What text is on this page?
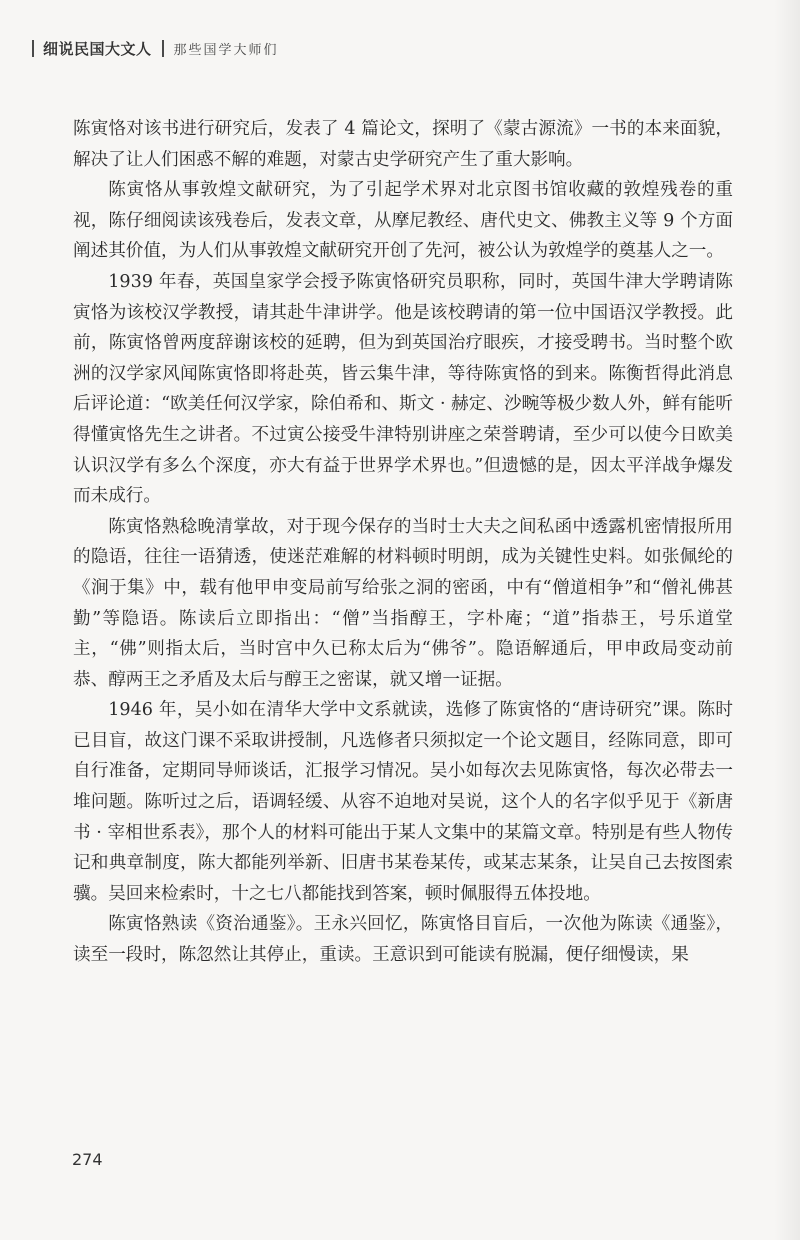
细说民国大文人 那些国学大师们

陈寅恪对该书进行研究后，发表了 4 篇论文，探明了《蒙古源流》一书的本来面貌，解决了让人们困惑不解的难题，对蒙古史学研究产生了重大影响。

陈寅恪从事敦煌文献研究，为了引起学术界对北京图书馆收藏的敦煌残卷的重视，陈仔细阅读该残卷后，发表文章，从摩尼教经、唐代史文、佛教主义等 9 个方面阐述其价值，为人们从事敦煌文献研究开创了先河，被公认为敦煌学的奠基人之一。

1939 年春，英国皇家学会授予陈寅恪研究员职称，同时，英国牛津大学聘请陈寅恪为该校汉学教授，请其赴牛津讲学。他是该校聘请的第一位中国语汉学教授。此前，陈寅恪曾两度辞谢该校的延聘，但为到英国治疗眼疾，才接受聘书。当时整个欧洲的汉学家风闻陈寅恪即将赴英，皆云集牛津，等待陈寅恪的到来。陈衡哲得此消息后评论道：“欧美任何汉学家，除伯希和、斯文 · 赫定、沙畹等极少数人外，鲜有能听得懂寅恪先生之讲者。不过寅公接受牛津特别讲座之荣誉聘请，至少可以使今日欧美认识汉学有多么个深度，亦大有益于世界学术界也。”但遗憾的是，因太平洋战争爆发而未成行。

陈寅恪熟稔晚清掌故，对于现今保存的当时士大夫之间私函中透露机密情报所用的隐语，往往一语猜透，使迷茫难解的材料顿时明朗，成为关键性史料。如张佩纶的《涧于集》中，载有他甲申变局前写给张之洞的密函，中有“僧道相争”和“僧礼佛甚勤”等隐语。陈读后立即指出：“僧”当指醇王，字朴庵；“道”指恭王，号乐道堂主，“佛”则指太后，当时宫中久已称太后为“佛爷”。隐语解通后，甲申政局变动前恭、醇两王之矛盾及太后与醇王之密谋，就又增一证据。

1946 年，吴小如在清华大学中文系就读，选修了陈寅恪的“唐诗研究”课。陈时已目盲，故这门课不采取讲授制，凡选修者只须拟定一个论文题目，经陈同意，即可自行准备，定期同导师谈话，汇报学习情况。吴小如每次去见陈寅恪，每次必带去一堆问题。陈听过之后，语调轻缓、从容不迫地对吴说，这个人的名字似乎见于《新唐书 · 宰相世系表》，那个人的材料可能出于某人文集中的某篇文章。特别是有些人物传记和典章制度，陈大都能列举新、旧唐书某卷某传，或某志某条，让吴自己去按图索骥。吴回来检索时，十之七八都能找到答案，顿时佩服得五体投地。

陈寅恪熟读《资治通鉴》。王永兴回忆，陈寅恪目盲后，一次他为陈读《通鉴》，读至一段时，陈忽然让其停止，重读。王意识到可能读有脱漏，便仔细慢读，果

274
